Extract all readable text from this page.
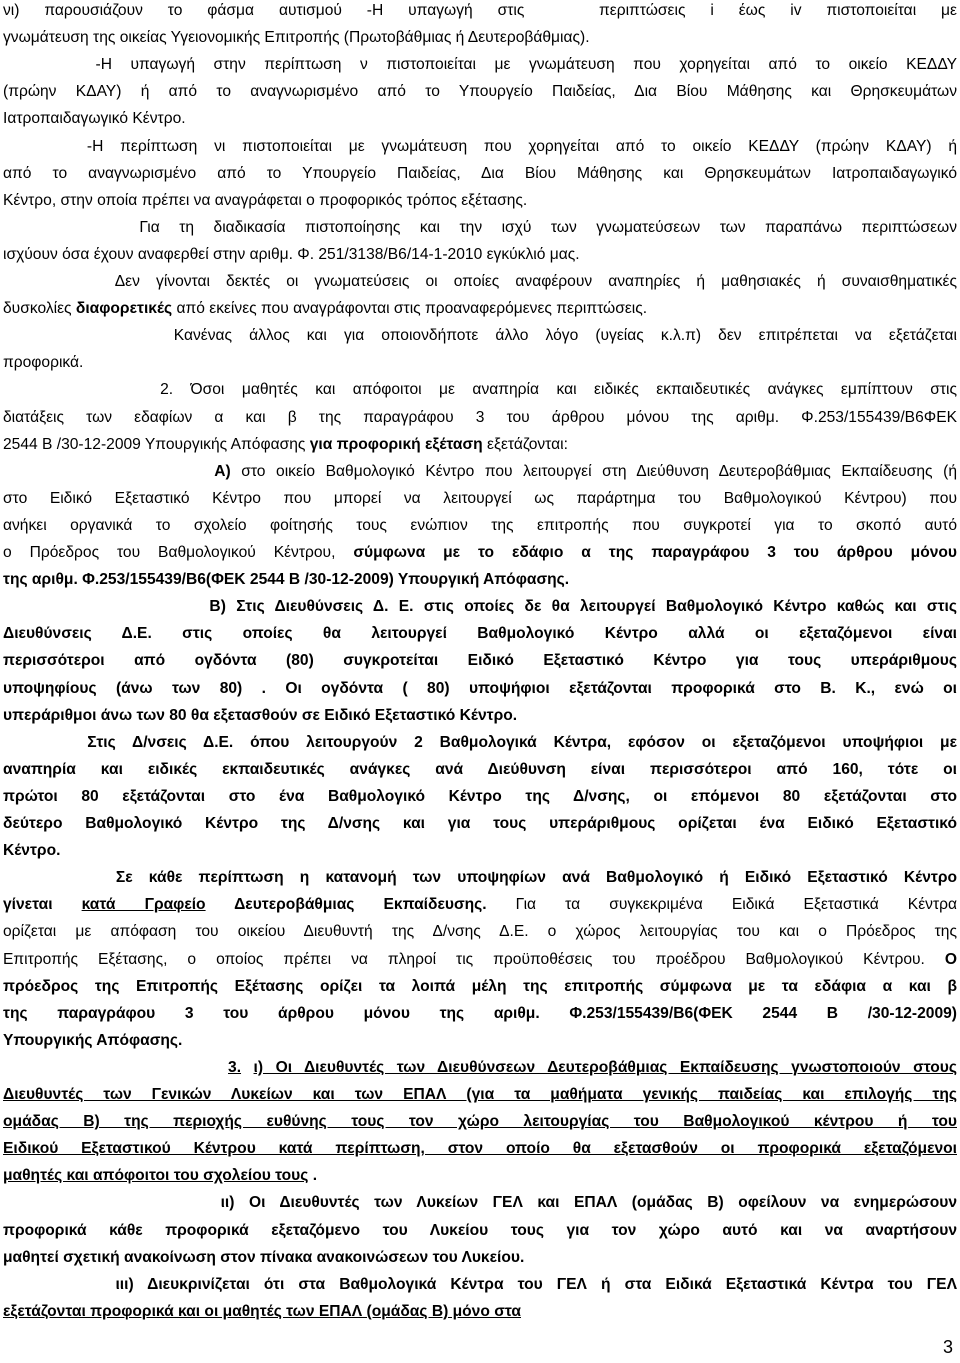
3
νι) παρουσιάζουν το φάσμα αυτισμού -Η υπαγωγή στις   περιπτώσεις i έως iv πιστοποιείται με
γνωμάτευση της οικείας Υγειονομικής Επιτροπής (Πρωτοβάθμιας ή Δευτεροβάθμιας).
-Η υπαγωγή στην περίπτωση ν πιστοποιείται με γνωμάτευση που χορηγείται από το οικείο ΚΕΔΔΥ
(πρώην ΚΔΑΥ) ή από το αναγνωρισμένο από το Υπουργείο Παιδείας, Δια Βίου Μάθησης και Θρησκευμάτων
Ιατροπαιδαγωγικό Κέντρο.
-Η περίπτωση νι πιστοποιείται με γνωμάτευση που χορηγείται από το οικείο ΚΕΔΔΥ (πρώην ΚΔΑΥ) ή
από το αναγνωρισμένο από το Υπουργείο Παιδείας, Δια Βίου Μάθησης και Θρησκευμάτων Ιατροπαιδαγωγικό
Κέντρο, στην οποία πρέπει να αναγράφεται ο προφορικός τρόπος εξέτασης.
Για τη διαδικασία πιστοποίησης και την ισχύ των γνωματεύσεων των παραπάνω περιπτώσεων
ισχύουν όσα έχουν αναφερθεί στην αριθμ. Φ. 251/3138/Β6/14-1-2010 εγκύκλιό μας.
Δεν γίνονται δεκτές οι γνωματεύσεις οι οποίες αναφέρουν αναπηρίες ή μαθησιακές ή συναισθηματικές
δυσκολίες διαφορετικές από εκείνες που αναγράφονται στις προαναφερόμενες περιπτώσεις.
Κανένας άλλος και για οποιονδήποτε άλλο λόγο (υγείας κ.λ.π) δεν επιτρέπεται να εξετάζεται
προφορικά.
2. Όσοι μαθητές και απόφοιτοι με αναπηρία και ειδικές εκπαιδευτικές ανάγκες εμπίπτουν στις
διατάξεις των εδαφίων α και β της παραγράφου 3 του άρθρου μόνου της αριθμ. Φ.253/155439/Β6ΦΕΚ
2544 Β /30-12-2009 Υπουργικής Απόφασης για προφορική εξέταση εξετάζονται:
Α) στο οικείο Βαθμολογικό Κέντρο που λειτουργεί στη Διεύθυνση Δευτεροβάθμιας Εκπαίδευσης (ή
στο Ειδικό Εξεταστικό Κέντρο που μπορεί να λειτουργεί ως παράρτημα του Βαθμολογικού Κέντρου) που
ανήκει οργανικά το σχολείο φοίτησής τους ενώπιον της επιτροπής που συγκροτεί για το σκοπό αυτό
ο Πρόεδρος του Βαθμολογικού Κέντρου, σύμφωνα με το εδάφιο α της παραγράφου 3 του άρθρου μόνου
της αριθμ. Φ.253/155439/Β6(ΦΕΚ 2544 Β /30-12-2009) Υπουργική Απόφασης.
Β) Στις Διευθύνσεις Δ. Ε. στις οποίες δε θα λειτουργεί Βαθμολογικό Κέντρο καθώς και στις
Διευθύνσεις Δ.Ε. στις οποίες θα λειτουργεί Βαθμολογικό Κέντρο αλλά οι εξεταζόμενοι είναι
περισσότεροι από ογδόντα (80) συγκροτείται Ειδικό Εξεταστικό Κέντρο για τους υπεράριθμους
υποψηφίους (άνω των 80) . Οι ογδόντα ( 80) υποψήφιοι εξετάζονται προφορικά στο Β. Κ., ενώ οι
υπεράριθμοι άνω των 80 θα εξετασθούν σε Ειδικό Εξεταστικό Κέντρο.
Στις Δ/νσεις Δ.Ε. όπου λειτουργούν 2 Βαθμολογικά Κέντρα, εφόσον οι εξεταζόμενοι υποψήφιοι με
αναπηρία και ειδικές εκπαιδευτικές ανάγκες ανά Διεύθυνση είναι περισσότεροι από 160, τότε οι
πρώτοι 80 εξετάζονται στο ένα Βαθμολογικό Κέντρο της Δ/νσης, οι επόμενοι 80 εξετάζονται στο
δεύτερο Βαθμολογικό Κέντρο της Δ/νσης και για τους υπεράριθμους ορίζεται ένα Ειδικό Εξεταστικό
Κέντρο.
Σε κάθε περίπτωση η κατανομή των υποψηφίων ανά Βαθμολογικό ή Ειδικό Εξεταστικό Κέντρο
γίνεται κατά Γραφείο Δευτεροβάθμιας Εκπαίδευσης. Για τα συγκεκριμένα Ειδικά Εξεταστικά Κέντρα
ορίζεται με απόφαση του οικείου Διευθυντή της Δ/νσης Δ.Ε. ο χώρος λειτουργίας του και ο Πρόεδρος της
Επιτροπής Εξέτασης, ο οποίος πρέπει να πληροί τις προϋποθέσεις του προέδρου Βαθμολογικού Κέντρου. Ο
πρόεδρος της Επιτροπής Εξέτασης ορίζει τα λοιπά μέλη της επιτροπής σύμφωνα με τα εδάφια α και β
της παραγράφου 3 του άρθρου μόνου της αριθμ. Φ.253/155439/Β6(ΦΕΚ 2544 Β /30-12-2009)
Υπουργικής Απόφασης.
3. ι) Οι Διευθυντές των Διευθύνσεων Δευτεροβάθμιας Εκπαίδευσης γνωστοποιούν στους
Διευθυντές των Γενικών Λυκείων και των ΕΠΑΛ (για τα μαθήματα γενικής παιδείας και επιλογής της
ομάδας Β) της περιοχής ευθύνης τους τον χώρο λειτουργίας του Βαθμολογικού κέντρου ή του
Ειδικού Εξεταστικού Κέντρου κατά περίπτωση, στον οποίο θα εξετασθούν οι προφορικά εξεταζόμενοι
μαθητές και απόφοιτοι του σχολείου τους .
ιι) Οι Διευθυντές των Λυκείων ΓΕΛ και ΕΠΑΛ (ομάδας Β) οφείλουν να ενημερώσουν
προφορικά κάθε προφορικά εξεταζόμενο του Λυκείου τους για τον χώρο αυτό και να αναρτήσουν
μαθητεί σχετική ανακοίνωση στον πίνακα ανακοινώσεων του Λυκείου.
ιιι) Διευκρινίζεται ότι στα Βαθμολογικά Κέντρα του ΓΕΛ ή στα Ειδικά Εξεταστικά Κέντρα του ΓΕΛ
εξετάζονται προφορικά και οι μαθητές των ΕΠΑΛ (ομάδας Β) μόνο στα
